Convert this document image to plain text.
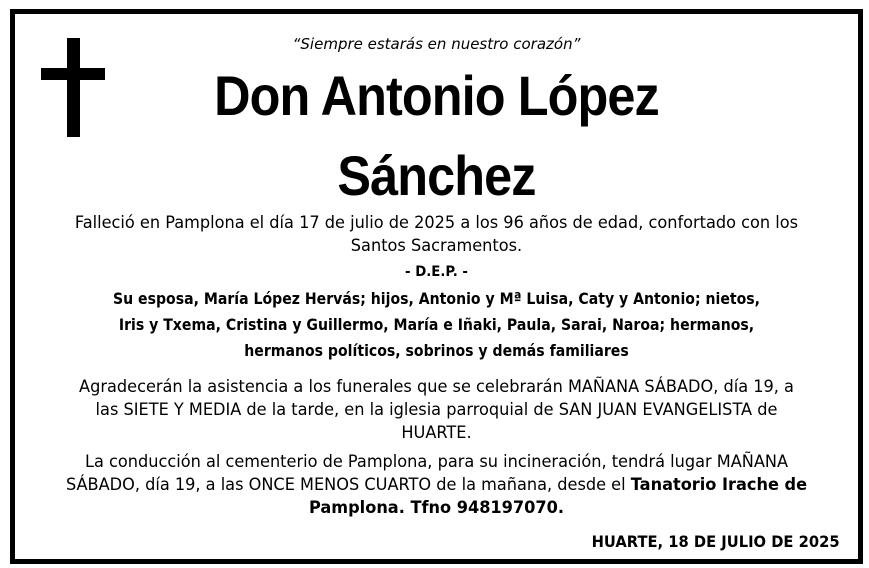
“Siempre estarás en nuestro corazón”
Don Antonio López
Sánchez
Falleció en Pamplona el día 17 de julio de 2025 a los 96 años de edad, confortado con los
Santos Sacramentos.
- D.E.P. -
Su esposa, María López Hervás; hijos, Antonio y Mª Luisa, Caty y Antonio; nietos,
Iris y Txema, Cristina y Guillermo, María e Iñaki, Paula, Sarai, Naroa; hermanos,
hermanos políticos, sobrinos y demás familiares
Agradecerán la asistencia a los funerales que se celebrarán MAÑANA SÁBADO, día 19, a
las SIETE Y MEDIA de la tarde, en la iglesia parroquial de SAN JUAN EVANGELISTA de
HUARTE.
La conducción al cementerio de Pamplona, para su incineración, tendrá lugar MAÑANA
SÁBADO, día 19, a las ONCE MENOS CUARTO de la mañana, desde el Tanatorio Irache de
Pamplona. Tfno 948197070.
HUARTE, 18 DE JULIO DE 2025
